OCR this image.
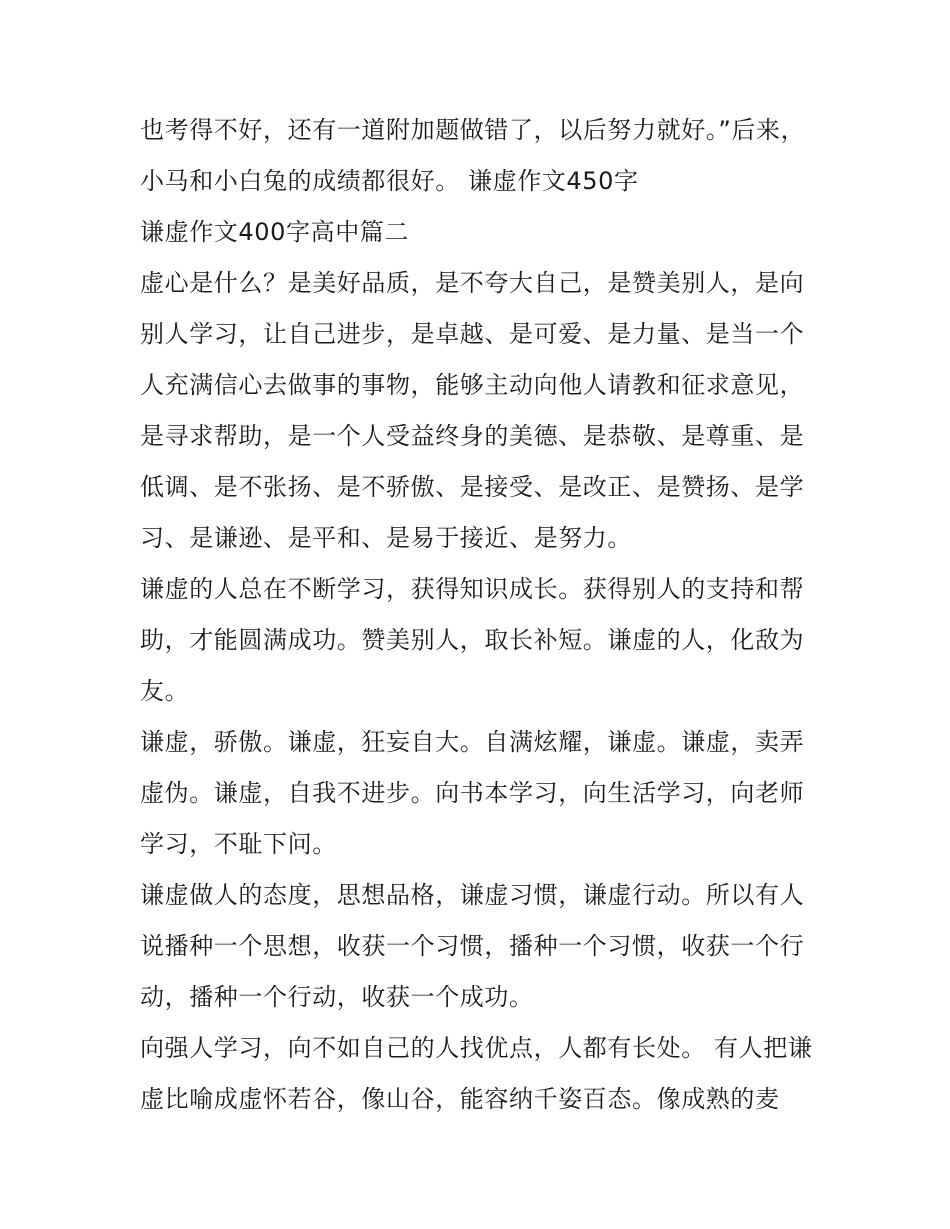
也考得不好，还有一道附加题做错了，以后努力就好。”后来，小马和小白兔的成绩都很好。 谦虚作文450字

谦虚作文400字高中篇二

虚心是什么？是美好品质，是不夸大自己，是赞美别人，是向别人学习，让自己进步，是卓越、是可爱、是力量、是当一个人充满信心去做事的事物，能够主动向他人请教和征求意见，是寻求帮助，是一个人受益终身的美德、是恭敬、是尊重、是低调、是不张扬、是不骄傲、是接受、是改正、是赞扬、是学习、是谦逊、是平和、是易于接近、是努力。

谦虚的人总在不断学习，获得知识成长。获得别人的支持和帮助，才能圆满成功。赞美别人，取长补短。谦虚的人，化敌为友。

谦虚，骄傲。谦虚，狂妄自大。自满炫耀，谦虚。谦虚，卖弄虚伪。谦虚，自我不进步。向书本学习，向生活学习，向老师学习，不耻下问。

谦虚做人的态度，思想品格，谦虚习惯，谦虚行动。所以有人说播种一个思想，收获一个习惯，播种一个习惯，收获一个行动，播种一个行动，收获一个成功。

向强人学习，向不如自己的人找优点，人都有长处。 有人把谦虚比喻成虚怀若谷，像山谷，能容纳千姿百态。像成熟的麦
